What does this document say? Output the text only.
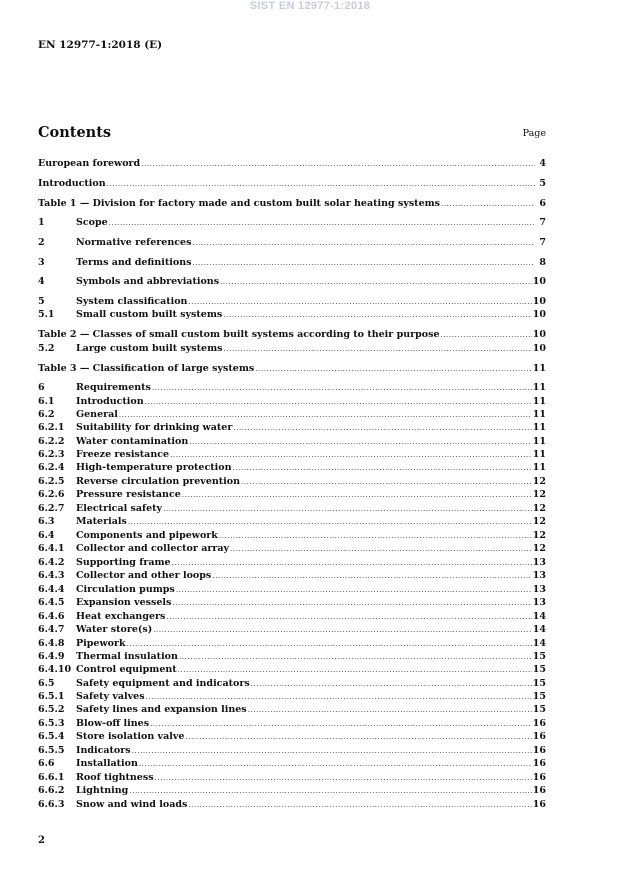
SIST EN 12977-1:2018
EN 12977-1:2018 (E)
Contents	Page
European foreword .....	4
Introduction .....	5
Table 1 — Division for factory made and custom built solar heating systems .....	6
1	Scope .....	7
2	Normative references .....	7
3	Terms and definitions .....	8
4	Symbols and abbreviations .....	10
5	System classification .....	10
5.1	Small custom built systems .....	10
Table 2 — Classes of small custom built systems according to their purpose .....	10
5.2	Large custom built systems .....	10
Table 3 — Classification of large systems .....	11
6	Requirements .....	11
6.1	Introduction .....	11
6.2	General .....	11
6.2.1	Suitability for drinking water .....	11
6.2.2	Water contamination .....	11
6.2.3	Freeze resistance .....	11
6.2.4	High-temperature protection .....	11
6.2.5	Reverse circulation prevention .....	12
6.2.6	Pressure resistance .....	12
6.2.7	Electrical safety .....	12
6.3	Materials .....	12
6.4	Components and pipework .....	12
6.4.1	Collector and collector array .....	12
6.4.2	Supporting frame .....	13
6.4.3	Collector and other loops .....	13
6.4.4	Circulation pumps .....	13
6.4.5	Expansion vessels .....	13
6.4.6	Heat exchangers .....	14
6.4.7	Water store(s) .....	14
6.4.8	Pipework .....	14
6.4.9	Thermal insulation .....	15
6.4.10 Control equipment .....	15
6.5	Safety equipment and indicators .....	15
6.5.1	Safety valves .....	15
6.5.2	Safety lines and expansion lines .....	15
6.5.3	Blow-off lines .....	16
6.5.4	Store isolation valve .....	16
6.5.5	Indicators .....	16
6.6	Installation .....	16
6.6.1	Roof tightness .....	16
6.6.2	Lightning .....	16
6.6.3	Snow and wind loads .....	16
2
